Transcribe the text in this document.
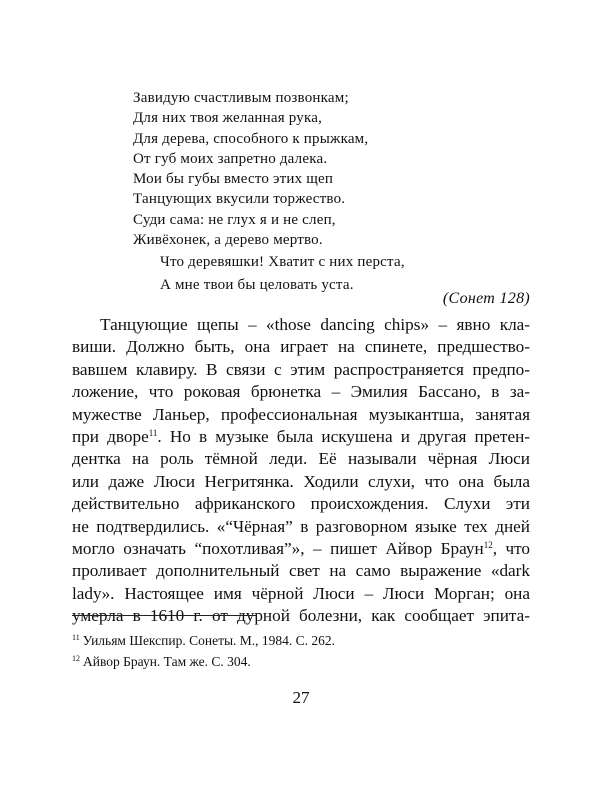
Завидую счастливым позвонкам;
Для них твоя желанная рука,
Для дерева, способного к прыжкам,
От губ моих запретно далека.
Мои бы губы вместо этих щеп
Танцующих вкусили торжество.
Суди сама: не глух я и не слеп,
Живёхонек, а дерево мертво.
Что деревяшки! Хватит с них перста,
А мне твои бы целовать уста.
(Сонет 128)
Танцующие щепы – «those dancing chips» – явно кла-
виши. Должно быть, она играет на спинете, предшество-
вавшем клавиру. В связи с этим распространяется предпо-
ложение, что роковая брюнетка – Эмилия Бассано, в за-
мужестве Ланьер, профессиональная музыкантша, занятая
при дворе$^{11}$. Но в музыке была искушена и другая претен-
дентка на роль тёмной леди. Её называли чёрная Люси
или даже Люси Негритянка. Ходили слухи, что она была
действительно африканского происхождения. Слухи эти
не подтвердились. «“Чёрная” в разговорном языке тех дней
могло означать “похотливая”», – пишет Айвор Браун$^{12}$, что
проливает дополнительный свет на само выражение «dark
lady». Настоящее имя чёрной Люси – Люси Морган; она
умерла в 1610 г. от дурной болезни, как сообщает эпита-
$^{11}$ Уильям Шекспир. Сонеты. М., 1984. С. 262.
$^{12}$ Айвор Браун. Там же. С. 304.
27
